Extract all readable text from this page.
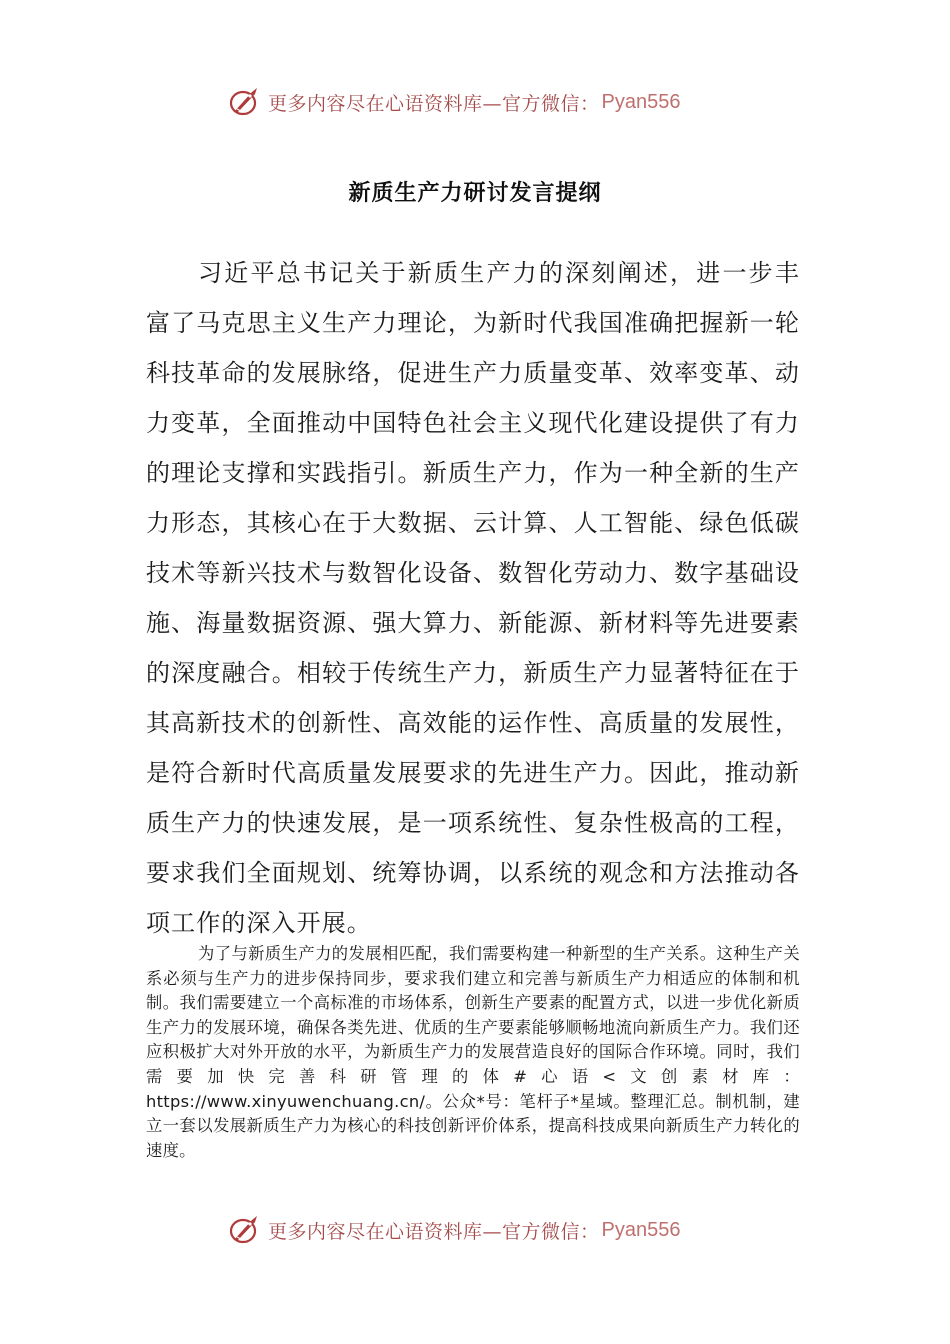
更多内容尽在心语资料库—官方微信： Pyan556
新质生产力研讨发言提纲

习近平总书记关于新质生产力的深刻阐述，进一步丰富了马克思主义生产力理论，为新时代我国准确把握新一轮科技革命的发展脉络，促进生产力质量变革、效率变革、动力变革，全面推动中国特色社会主义现代化建设提供了有力的理论支撑和实践指引。新质生产力，作为一种全新的生产力形态，其核心在于大数据、云计算、人工智能、绿色低碳技术等新兴技术与数智化设备、数智化劳动力、数字基础设施、海量数据资源、强大算力、新能源、新材料等先进要素的深度融合。相较于传统生产力，新质生产力显著特征在于其高新技术的创新性、高效能的运作性、高质量的发展性，是符合新时代高质量发展要求的先进生产力。因此，推动新质生产力的快速发展，是一项系统性、复杂性极高的工程，要求我们全面规划、统筹协调，以系统的观念和方法推动各项工作的深入开展。

为了与新质生产力的发展相匹配，我们需要构建一种新型的生产关系。这种生产关系必须与生产力的进步保持同步，要求我们建立和完善与新质生产力相适应的体制和机制。我们需要建立一个高标准的市场体系，创新生产要素的配置方式，以进一步优化新质生产力的发展环境，确保各类先进、优质的生产要素能够顺畅地流向新质生产力。我们还应积极扩大对外开放的水平，为新质生产力的发展营造良好的国际合作环境。同时，我们需要加快完善科研管理的体#心语<文创素材库：https://www.xinyuwenchuang.cn/。公众*号：笔杆子*星域。整理汇总。制机制，建立一套以发展新质生产力为核心的科技创新评价体系，提高科技成果向新质生产力转化的速度。

更多内容尽在心语资料库—官方微信： Pyan556
